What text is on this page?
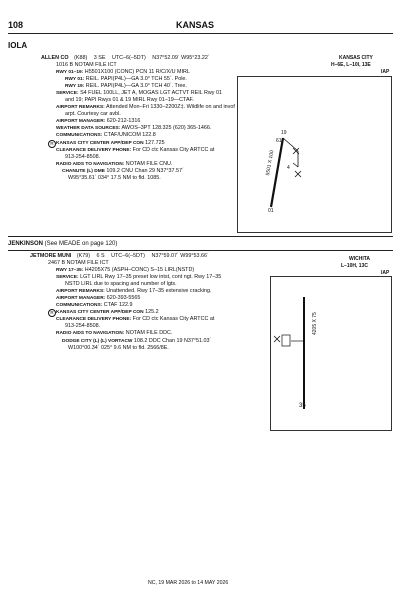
108	KANSAS
IOLA
ALLEN CO (K88) 3 SE UTC–6(–5DT) N37°52.09´ W95°23.22´	KANSAS CITY
1016 B NOTAM FILE ICT	H–6E, L–10I, 13E
IAP
RWY 01–19: H5501X100 (CONC) PCN 11 R/C/X/U MIRL
RWY 01: REIL. PAPI(P4L)—GA 3.0° TCH 55´. Pole.
RWY 19: REIL. PAPI(P4L)—GA 3.0° TCH 40´. Tree.
SERVICE: S4 FUEL 100LL, JET A, MOGAS LGT ACTVT REIL Rwy 01
and 19; PAPI Rwys 01 & 19 MIRL Rwy 01–19—CTAF.
AIRPORT REMARKS: Attended Mon–Fri 1330–2200Z‡. Wildlife on and invof
arpt. Courtesy car avbl.
AIRPORT MANAGER: 620-212-1316
WEATHER DATA SOURCES: AWOS–3PT 128.325 (620) 365-1466.
COMMUNICATIONS: CTAF/UNICOM 122.8
R KANSAS CITY CENTER APP/DEP CON 127.725
CLEARANCE DELIVERY PHONE: For CD ctc Kansas City ARTCC at
913-254-8508.
RADIO AIDS TO NAVIGATION: NOTAM FILE CNU.
CHANUTE (L) DME 109.2 CNU Chan 29 N37°37.57´
W95°35.61´ 034° 17.5 NM to fld. 1085.
61
4
5501 X 100
01
19
JENKINSON (See MEADE on page 120)
JETMORE MUNI (K79) 6 S UTC–6(–5DT) N37°59.07´ W99°53.66´	WICHITA
2467 B NOTAM FILE ICT	L–10H, 13C
IAP
RWY 17–35: H4205X75 (ASPH–CONC) S–15 LIRL(NSTD)
SERVICE: LGT LIRL Rwy 17–35 preset low intst, cont ngt. Rwy 17–35
NSTD LIRL due to spacing and number of lgts.
AIRPORT REMARKS: Unattended. Rwy 17–35 extensive cracking.
AIRPORT MANAGER: 620-393-5565
COMMUNICATIONS: CTAF 122.9
R KANSAS CITY CENTER APP/DEP CON 125.2
CLEARANCE DELIVERY PHONE: For CD ctc Kansas City ARTCC at
913-254-8508.
RADIO AIDS TO NAVIGATION: NOTAM FILE DDC.
DODGE CITY (L) (L) VORTACW 108.2 DDC Chan 19 N37°51.03´
W100°00.34´ 025° 9.6 NM to fld. 2566/8E.
4205 X 75
35
NC, 19 MAR 2026 to 14 MAY 2026
